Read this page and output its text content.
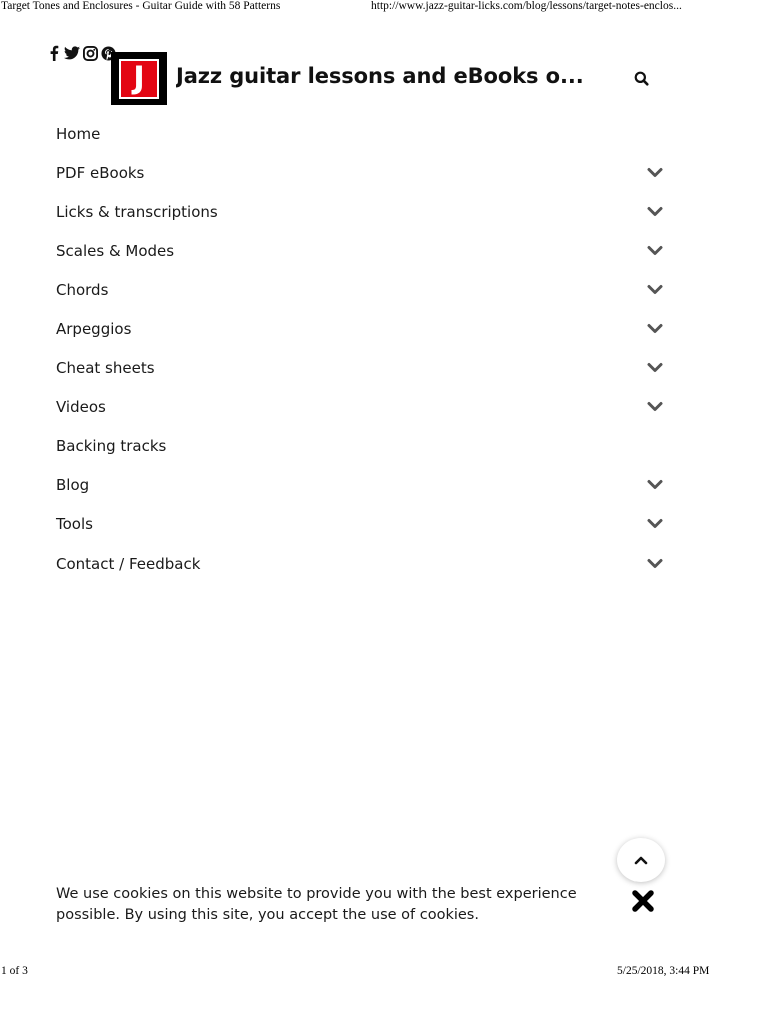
Target Tones and Enclosures - Guitar Guide with 58 Patterns	http://www.jazz-guitar-licks.com/blog/lessons/target-notes-enclos...
J	Jazz guitar lessons and eBooks o...
Home
PDF eBooks
Licks & transcriptions
Scales & Modes
Chords
Arpeggios
Cheat sheets
Videos
Backing tracks
Blog
Tools
Contact / Feedback
We use cookies on this website to provide you with the best experience possible. By using this site, you accept the use of cookies.
1 of 3	5/25/2018, 3:44 PM
